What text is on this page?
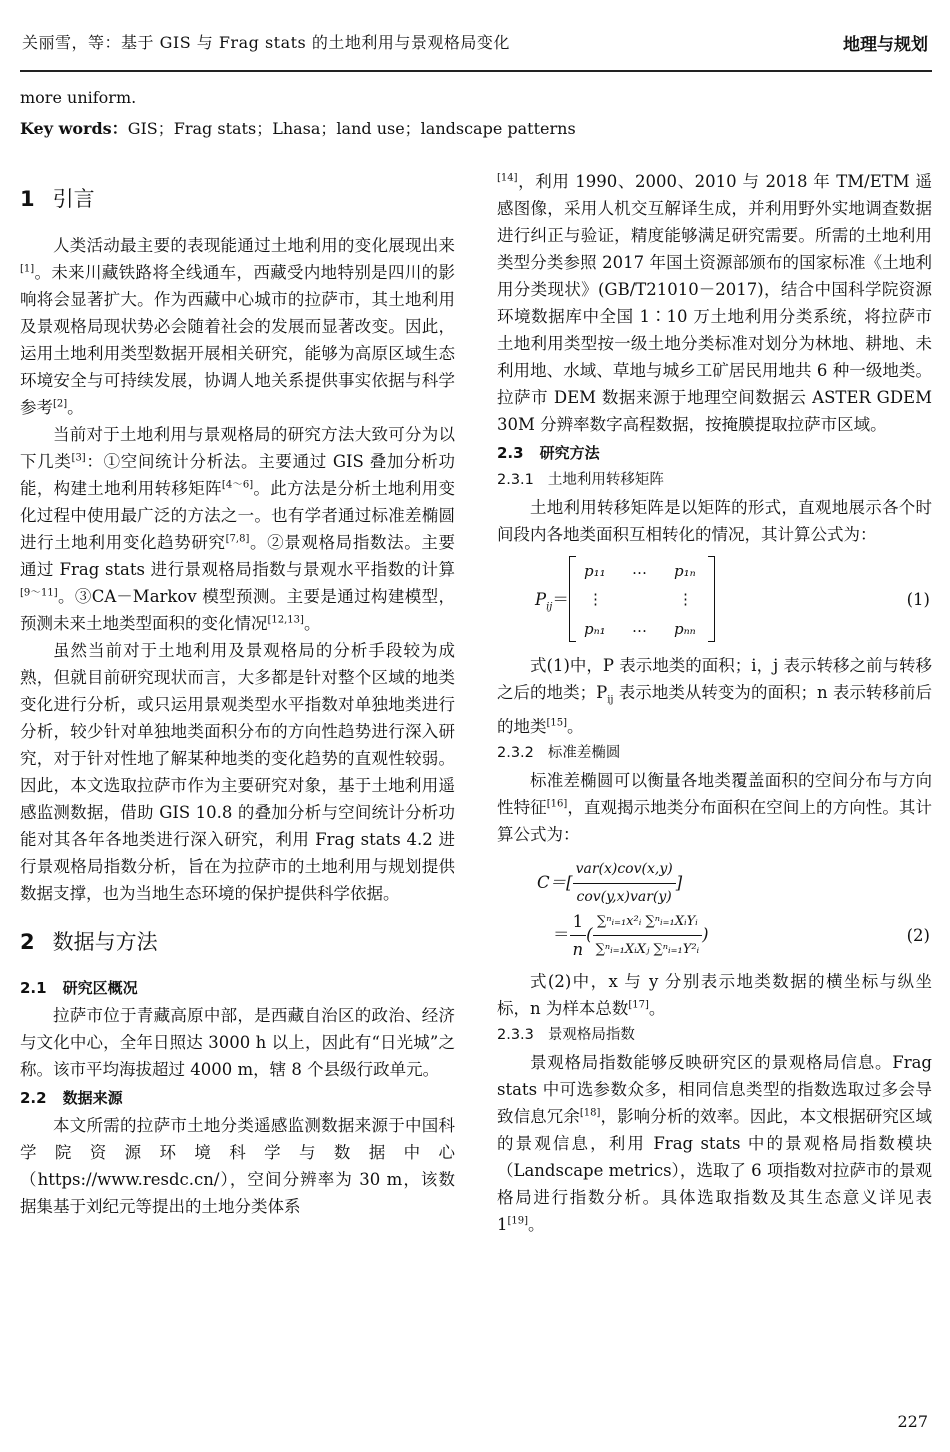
关丽雪，等：基于 GIS 与 Frag stats 的土地利用与景观格局变化	地理与规划
more uniform.
Key words：GIS；Frag stats；Lhasa；land use；landscape patterns
1 引言

人类活动最主要的表现能通过土地利用的变化展现出来[1]。未来川藏铁路将全线通车，西藏受内地特别是四川的影响将会显著扩大。作为西藏中心城市的拉萨市，其土地利用及景观格局现状势必会随着社会的发展而显著改变。因此，运用土地利用类型数据开展相关研究，能够为高原区域生态环境安全与可持续发展，协调人地关系提供事实依据与科学参考[2]。

当前对于土地利用与景观格局的研究方法大致可分为以下几类[3]：①空间统计分析法。主要通过 GIS 叠加分析功能，构建土地利用转移矩阵[4～6]。此方法是分析土地利用变化过程中使用最广泛的方法之一。也有学者通过标准差椭圆进行土地利用变化趋势研究[7,8]。②景观格局指数法。主要通过 Frag stats 进行景观格局指数与景观水平指数的计算[9～11]。③CA－Markov 模型预测。主要是通过构建模型，预测未来土地类型面积的变化情况[12,13]。

虽然当前对于土地利用及景观格局的分析手段较为成熟，但就目前研究现状而言，大多都是针对整个区域的地类变化进行分析，或只运用景观类型水平指数对单独地类进行分析，较少针对单独地类面积分布的方向性趋势进行深入研究，对于针对性地了解某种地类的变化趋势的直观性较弱。因此，本文选取拉萨市作为主要研究对象，基于土地利用遥感监测数据，借助 GIS 10.8 的叠加分析与空间统计分析功能对其各年各地类进行深入研究，利用 Frag stats 4.2 进行景观格局指数分析，旨在为拉萨市的土地利用与规划提供数据支撑，也为当地生态环境的保护提供科学依据。

2 数据与方法
2.1 研究区概况

拉萨市位于青藏高原中部，是西藏自治区的政治、经济与文化中心，全年日照达 3000 h 以上，因此有“日光城”之称。该市平均海拔超过 4000 m，辖 8 个县级行政单元。

2.2 数据来源

本文所需的拉萨市土地分类遥感监测数据来源于中国科学院资源环境科学与数据中心（https://www.resdc.cn/），空间分辨率为 30 m，该数据集基于刘纪元等提出的土地分类体系

[14]，利用 1990、2000、2010 与 2018 年 TM/ETM 遥感图像，采用人机交互解译生成，并利用野外实地调查数据进行纠正与验证，精度能够满足研究需要。所需的土地利用类型分类参照 2017 年国土资源部颁布的国家标准《土地利用分类现状》(GB/T21010－2017)，结合中国科学院资源环境数据库中全国 1∶10 万土地利用分类系统，将拉萨市土地利用类型按一级土地分类标准对划分为林地、耕地、未利用地、水域、草地与城乡工矿居民用地共 6 种一级地类。拉萨市 DEM 数据来源于地理空间数据云 ASTER GDEM 30M 分辨率数字高程数据，按掩膜提取拉萨市区域。

2.3 研究方法
2.3.1 土地利用转移矩阵

土地利用转移矩阵是以矩阵的形式，直观地展示各个时间段内各地类面积互相转化的情况，其计算公式为：

$P_{ij}=$
p₁₁ … p₁ₙ
⋮	⋮
pₙ₁ … pₙₙ
(1)

式(1)中，P 表示地类的面积；i，j 表示转移之前与转移之后的地类；$P_{ij}$ 表示地类从转变为的面积；n 表示转移前后的地类[15]。

2.3.2 标准差椭圆

标准差椭圆可以衡量各地类覆盖面积的空间分布与方向性特征[16]，直观揭示地类分布面积在空间上的方向性。其计算公式为：

$C=[ \frac{\text{var(x)cov(x,y)}}{\text{cov(y,x)var(y)}}$ ]
＝ $\frac{1}{n}$ ( $\frac{\text{∑ⁿᵢ₌₁x²ᵢ ∑ⁿᵢ₌₁XᵢYᵢ}}{\text{∑ⁿᵢ₌₁XᵢXⱼ ∑ⁿᵢ₌₁Y²ᵢ}}$ )	(2)

式(2)中，x 与 y 分别表示地类数据的横坐标与纵坐标，n 为样本总数[17]。

2.3.3 景观格局指数

景观格局指数能够反映研究区的景观格局信息。Frag stats 中可选参数众多，相同信息类型的指数选取过多会导致信息冗余[18]，影响分析的效率。因此，本文根据研究区域的景观信息，利用 Frag stats 中的景观格局指数模块（Landscape metrics），选取了 6 项指数对拉萨市的景观格局进行指数分析。具体选取指数及其生态意义详见表 1[19]。

227
